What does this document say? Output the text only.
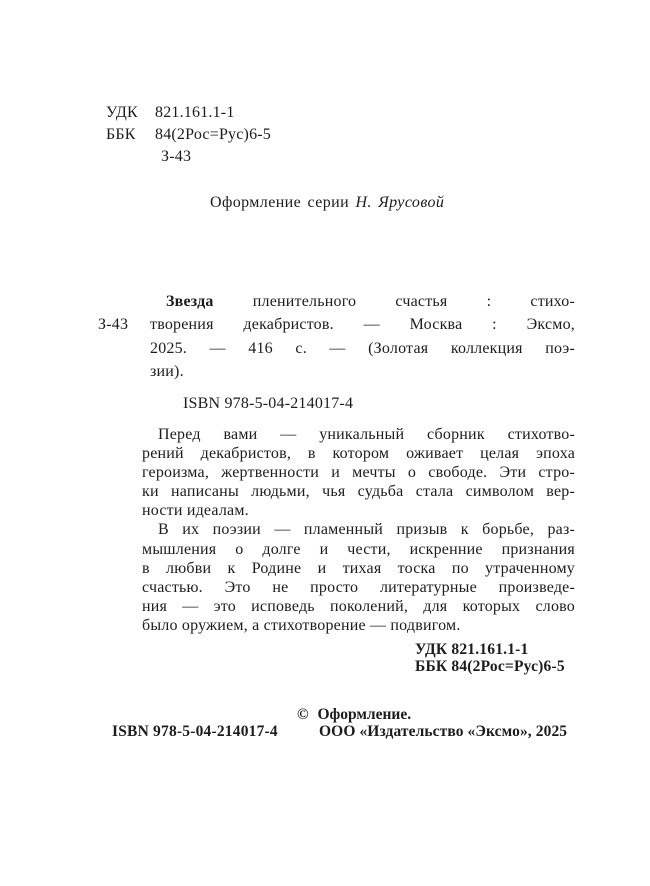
УДК	821.161.1-1
ББК	84(2Рос=Рус)6-5
З-43
Оформление серии Н. Ярусовой
З-43
Звезда пленительного счастья : стихо-
творения декабристов. — Москва : Эксмо,
2025. — 416 с. — (Золотая коллекция поэ-
зии).
ISBN 978-5-04-214017-4
Перед вами — уникальный сборник стихотво-
рений декабристов, в котором оживает целая эпоха
героизма, жертвенности и мечты о свободе. Эти стро-
ки написаны людьми, чья судьба стала символом вер-
ности идеалам.
В их поэзии — пламенный призыв к борьбе, раз-
мышления о долге и чести, искренние признания
в любви к Родине и тихая тоска по утраченному
счастью. Это не просто литературные произведе-
ния — это исповедь поколений, для которых слово
было оружием, а стихотворение — подвигом.
УДК 821.161.1-1
ББК 84(2Рос=Рус)6-5
© Оформление.
ISBN 978-5-04-214017-4	ООО «Издательство «Эксмо», 2025
